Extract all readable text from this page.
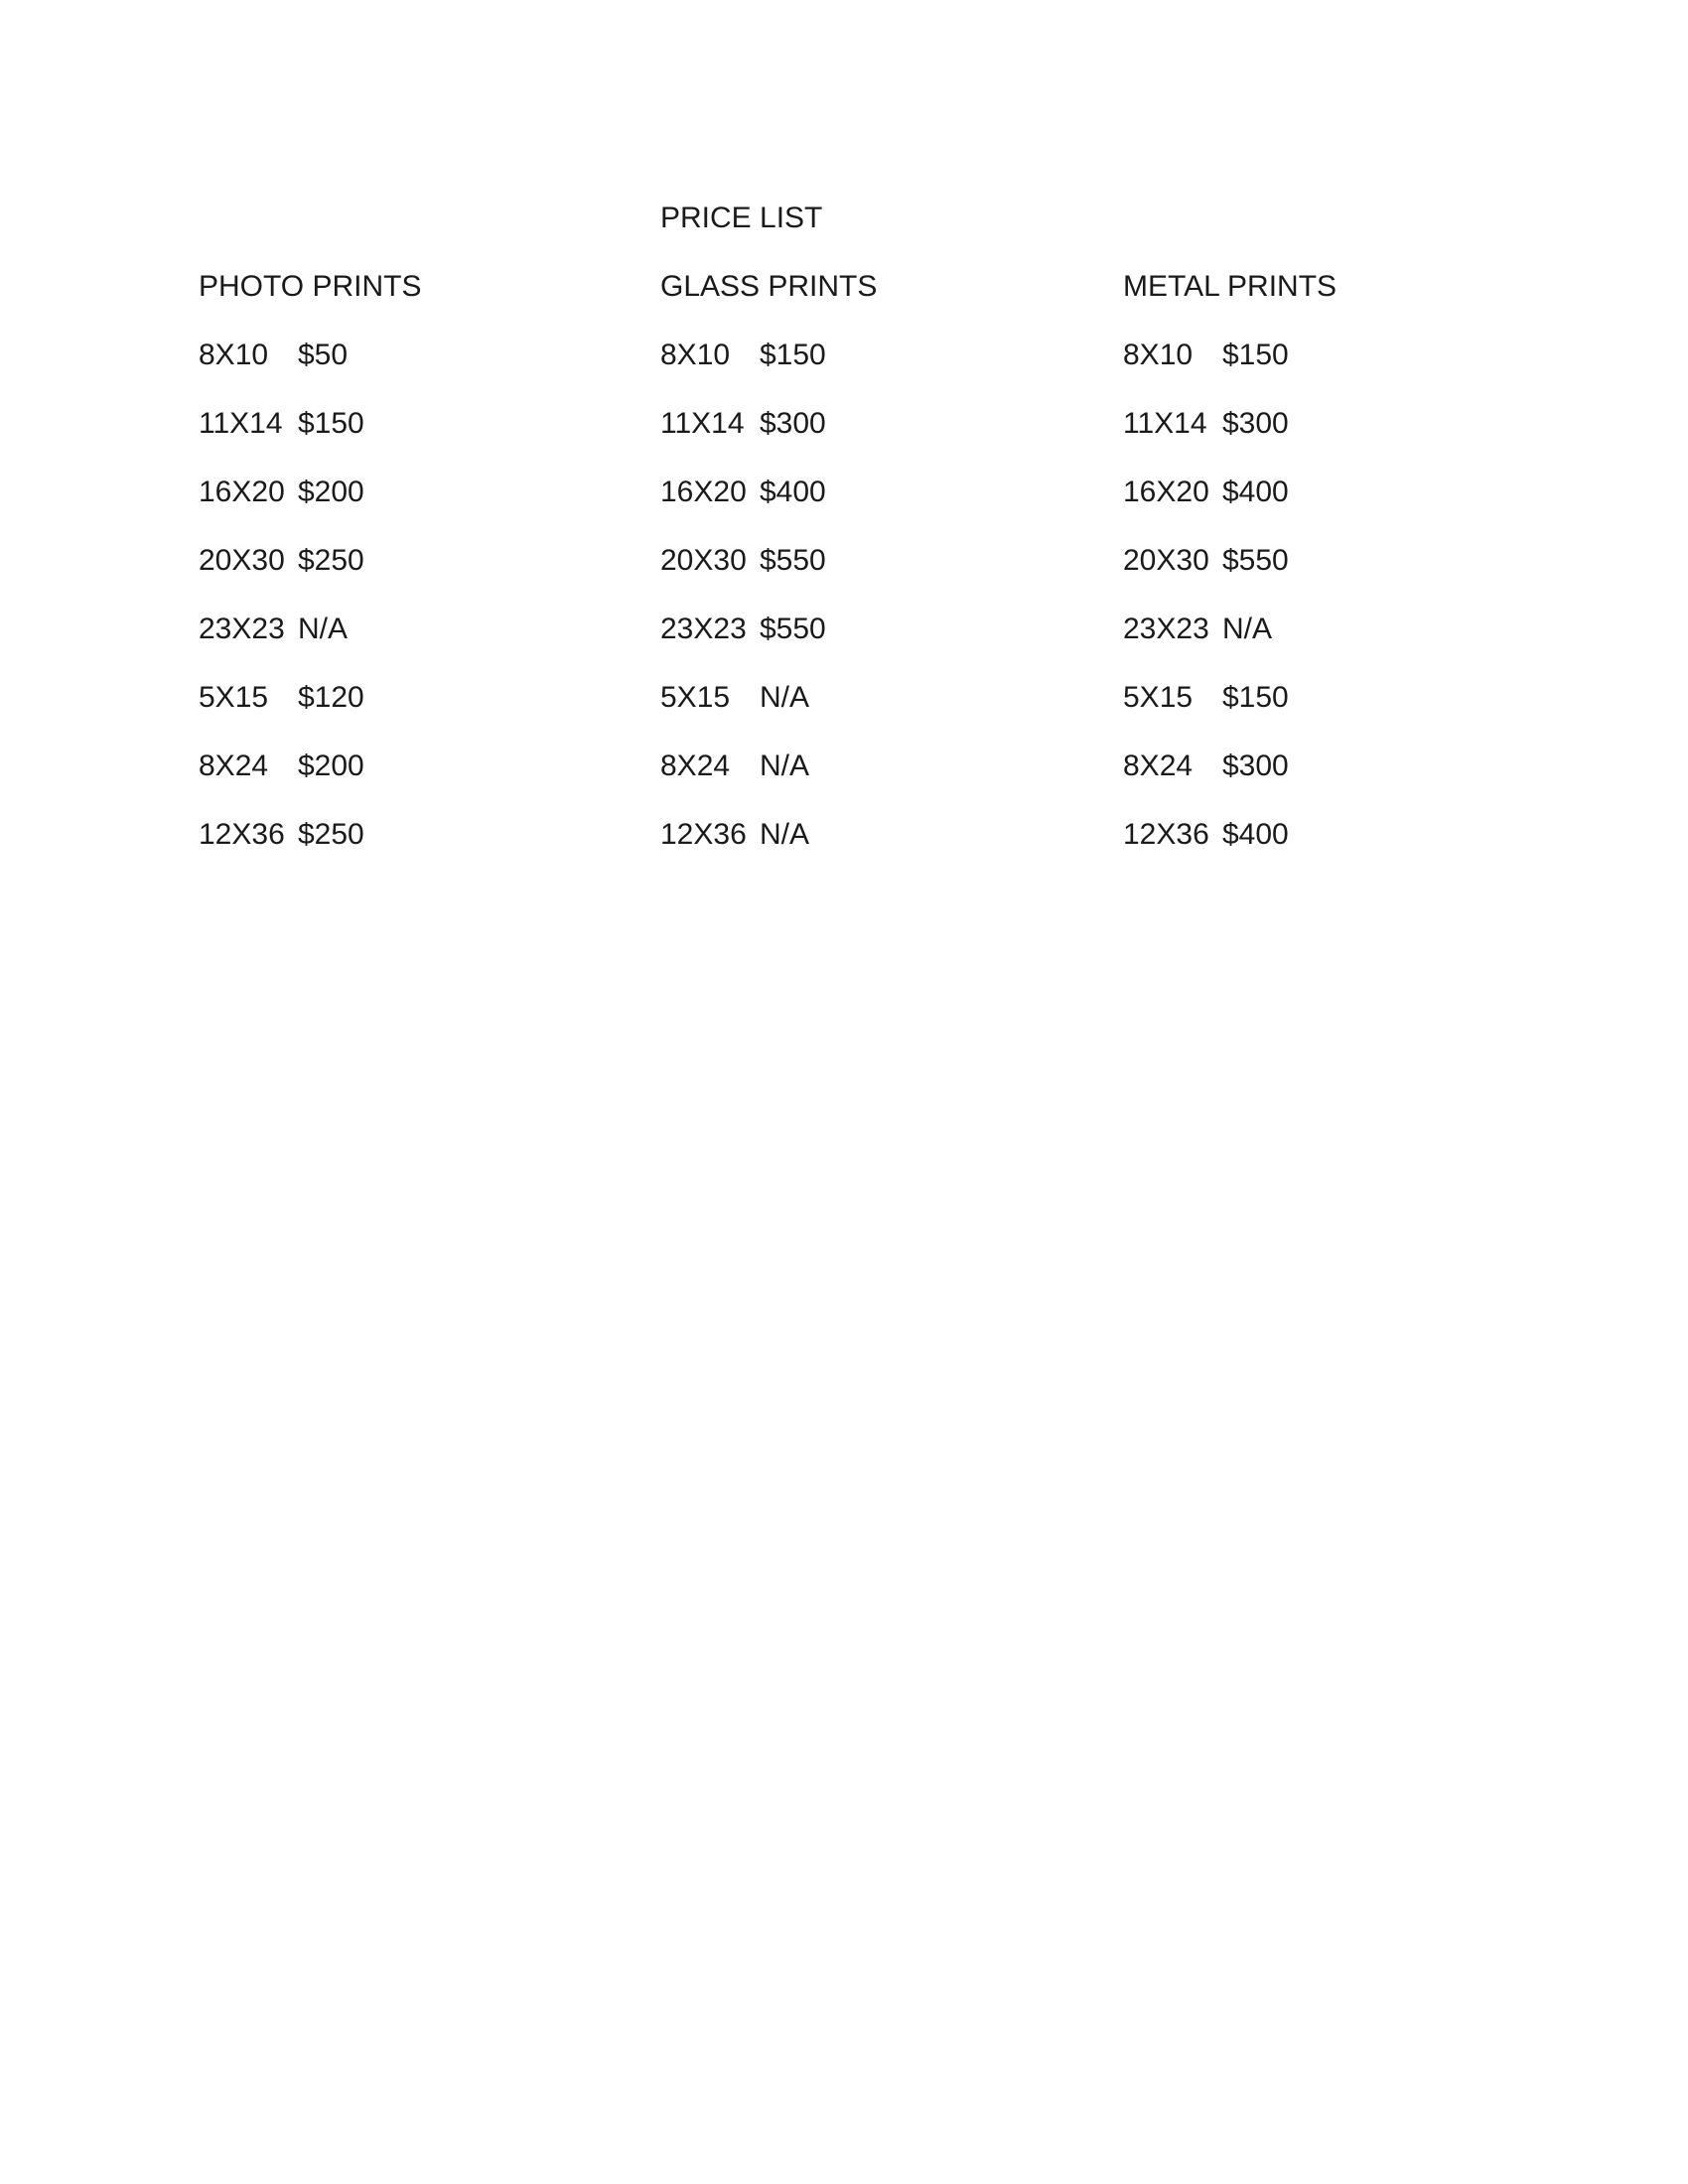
PRICE LIST
PHOTO PRINTS
8X10 $50
11X14 $150
16X20 $200
20X30 $250
23X23 N/A
5X15 $120
8X24 $200
12X36 $250
GLASS PRINTS
8X10 $150
11X14 $300
16X20 $400
20X30 $550
23X23 $550
5X15 N/A
8X24 N/A
12X36 N/A
METAL PRINTS
8X10 $150
11X14 $300
16X20 $400
20X30 $550
23X23 N/A
5X15 $150
8X24 $300
12X36 $400
